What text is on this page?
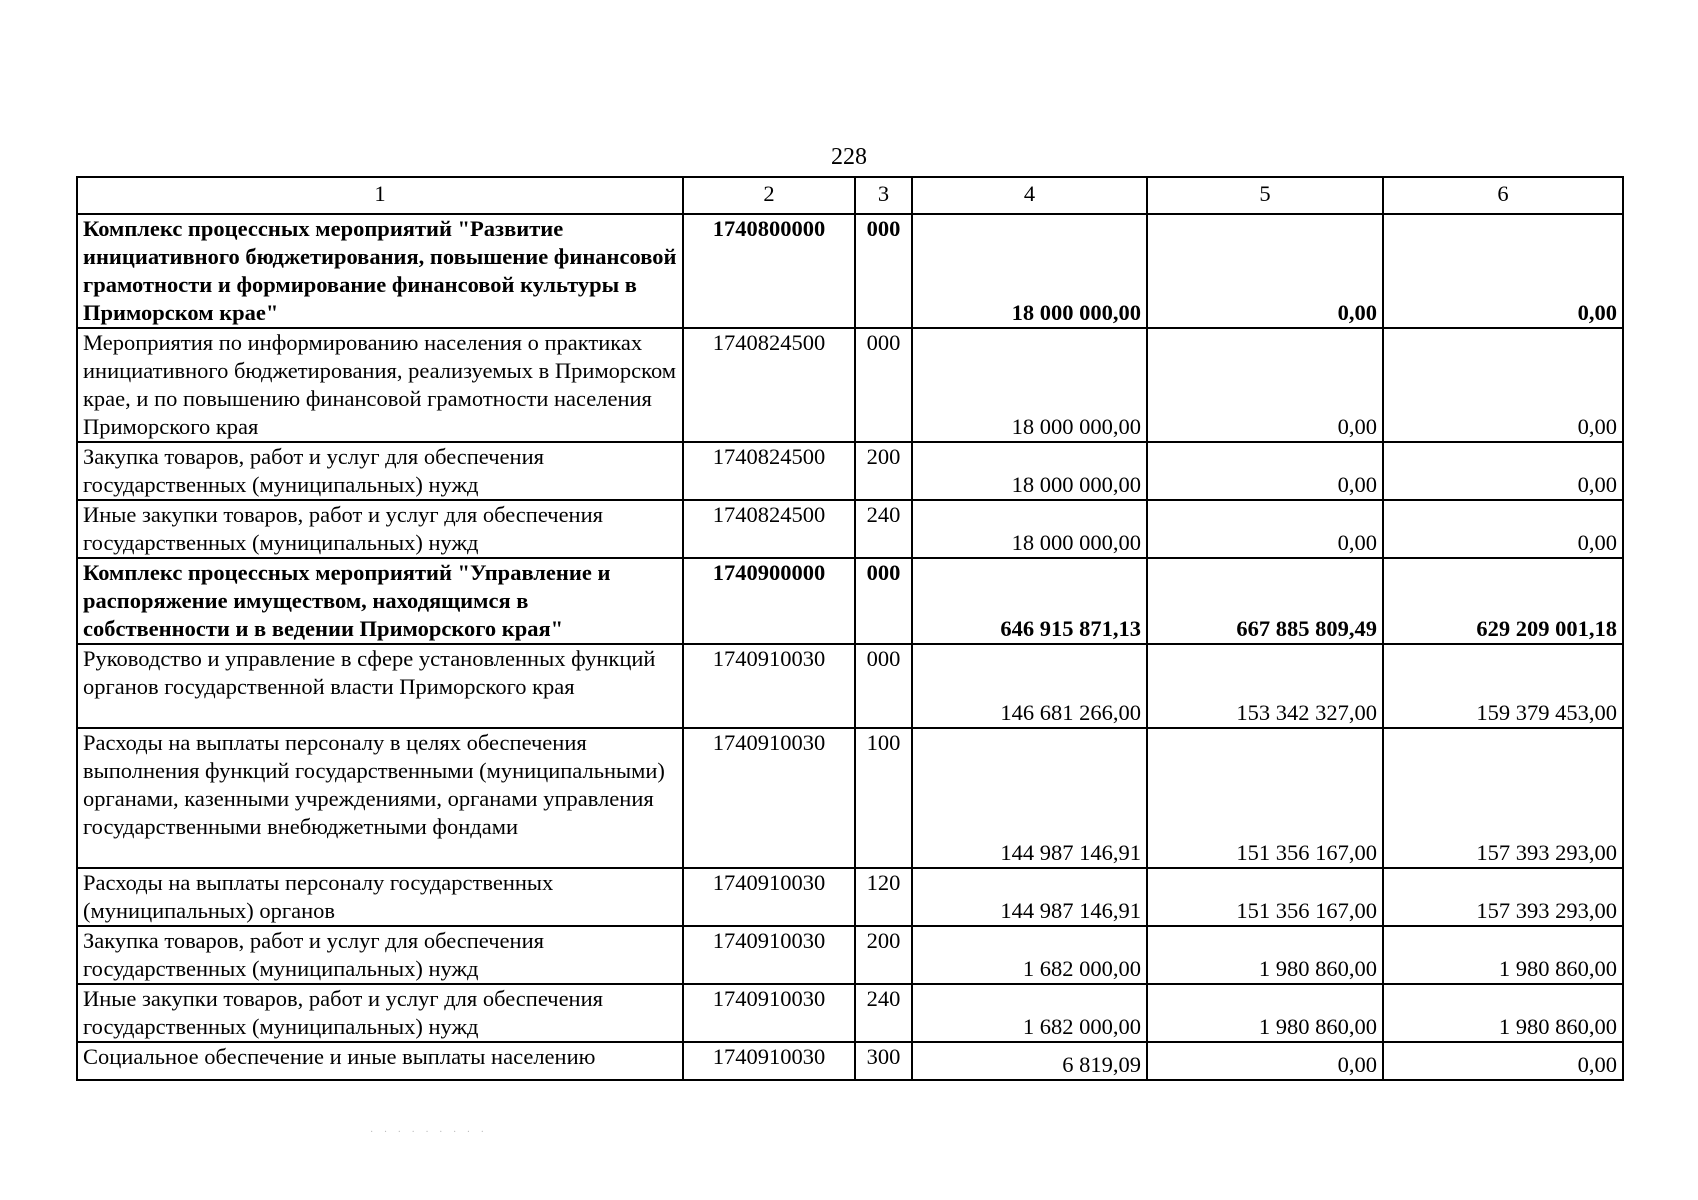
228
1	2	3	4	5	6
Комплекс процессных мероприятий "Развитие инициативного бюджетирования, повышение финансовой грамотности и формирование финансовой культуры в Приморском крае"	1740800000	000	18 000 000,00	0,00	0,00
Мероприятия по информированию населения о практиках инициативного бюджетирования, реализуемых в Приморском крае, и по повышению финансовой грамотности населения Приморского края	1740824500	000	18 000 000,00	0,00	0,00
Закупка товаров, работ и услуг для обеспечения государственных (муниципальных) нужд	1740824500	200	18 000 000,00	0,00	0,00
Иные закупки товаров, работ и услуг для обеспечения государственных (муниципальных) нужд	1740824500	240	18 000 000,00	0,00	0,00
Комплекс процессных мероприятий "Управление и распоряжение имуществом, находящимся в собственности и в ведении Приморского края"	1740900000	000	646 915 871,13	667 885 809,49	629 209 001,18
Руководство и управление в сфере установленных функций органов государственной власти Приморского края	1740910030	000	146 681 266,00	153 342 327,00	159 379 453,00
Расходы на выплаты персоналу в целях обеспечения выполнения функций государственными (муниципальными) органами, казенными учреждениями, органами управления государственными внебюджетными фондами	1740910030	100	144 987 146,91	151 356 167,00	157 393 293,00
Расходы на выплаты персоналу государственных (муниципальных) органов	1740910030	120	144 987 146,91	151 356 167,00	157 393 293,00
Закупка товаров, работ и услуг для обеспечения государственных (муниципальных) нужд	1740910030	200	1 682 000,00	1 980 860,00	1 980 860,00
Иные закупки товаров, работ и услуг для обеспечения государственных (муниципальных) нужд	1740910030	240	1 682 000,00	1 980 860,00	1 980 860,00
Социальное обеспечение и иные выплаты населению	1740910030	300	6 819,09	0,00	0,00
· · · · · · · · ·
